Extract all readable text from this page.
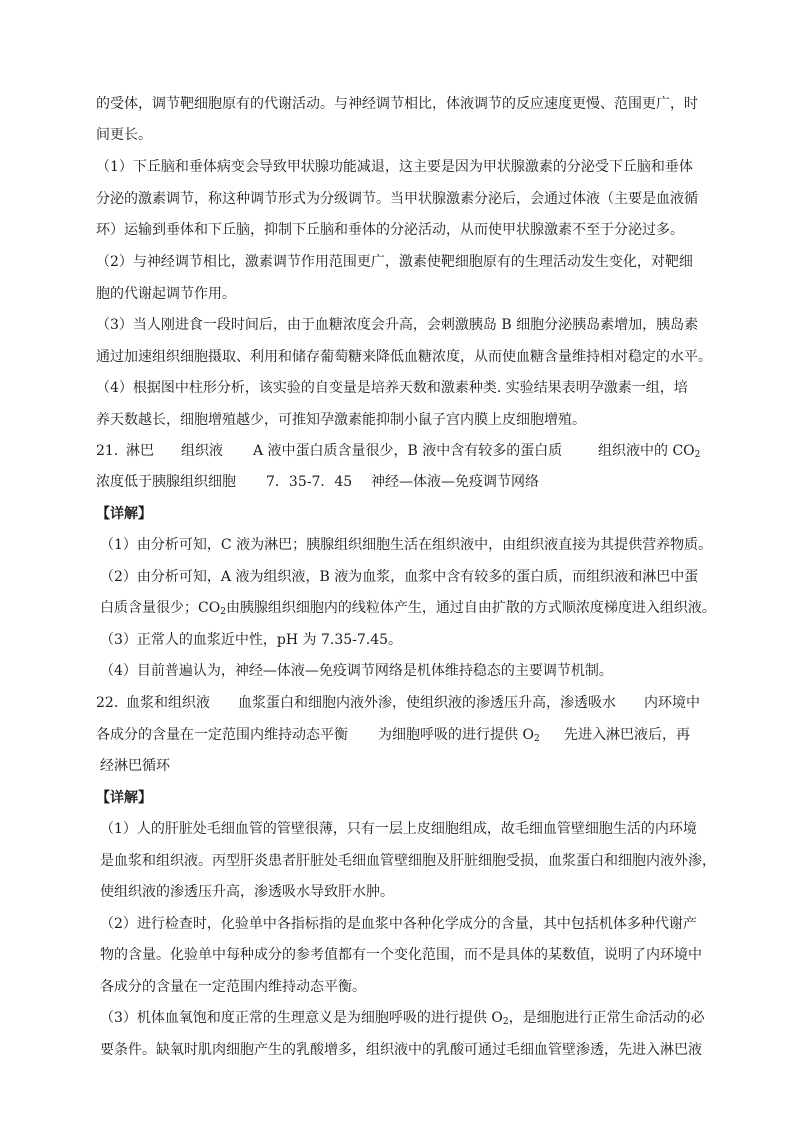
的受体，调节靶细胞原有的代谢活动。与神经调节相比，体液调节的反应速度更慢、范围更广，时
间更长。
（1）下丘脑和垂体病变会导致甲状腺功能减退，这主要是因为甲状腺激素的分泌受下丘脑和垂体
分泌的激素调节，称这种调节形式为分级调节。当甲状腺激素分泌后，会通过体液（主要是血液循
环）运输到垂体和下丘脑，抑制下丘脑和垂体的分泌活动，从而使甲状腺激素不至于分泌过多。
（2）与神经调节相比，激素调节作用范围更广，激素使靶细胞原有的生理活动发生变化，对靶细
胞的代谢起调节作用。
（3）当人刚进食一段时间后，由于血糖浓度会升高，会刺激胰岛 B 细胞分泌胰岛素增加，胰岛素
通过加速组织细胞摄取、利用和储存葡萄糖来降低血糖浓度，从而使血糖含量维持相对稳定的水平。
（4）根据图中柱形分析，该实验的自变量是培养天数和激素种类. 实验结果表明孕激素一组，培
养天数越长，细胞增殖越少，可推知孕激素能抑制小鼠子宫内膜上皮细胞增殖。
21．
淋巴 组织液 A 液中蛋白质含量很少，B 液中含有较多的蛋白质	组织液中的 $CO_2$
浓度低于胰腺组织细胞 7．35-7．45 神经—体液—免疫调节网络
【详解】
（1）由分析可知，C 液为淋巴；胰腺组织细胞生活在组织液中，由组织液直接为其提供营养物质。
（2）由分析可知，A 液为组织液，B 液为血浆，血浆中含有较多的蛋白质，而组织液和淋巴中蛋
白质含量很少；$CO_2$由胰腺组织细胞内的线粒体产生，通过自由扩散的方式顺浓度梯度进入组织液。
（3）正常人的血浆近中性，pH 为 7.35-7.45。
（4）目前普遍认为，神经—体液—免疫调节网络是机体维持稳态的主要调节机制。
22．
血浆和组织液 血浆蛋白和细胞内液外渗，使组织液的渗透压升高，渗透吸水 内环境中
各成分的含量在一定范围内维持动态平衡 为细胞呼吸的进行提供 $O_2$ 先进入淋巴液后，再
经淋巴循环
【详解】
（1）人的肝脏处毛细血管的管壁很薄，只有一层上皮细胞组成，故毛细血管壁细胞生活的内环境
是血浆和组织液。丙型肝炎患者肝脏处毛细血管壁细胞及肝脏细胞受损，血浆蛋白和细胞内液外渗，
使组织液的渗透压升高，渗透吸水导致肝水肿。
（2）进行检查时，化验单中各指标指的是血浆中各种化学成分的含量，其中包括机体多种代谢产
物的含量。化验单中每种成分的参考值都有一个变化范围，而不是具体的某数值，说明了内环境中
各成分的含量在一定范围内维持动态平衡。
（3）机体血氧饱和度正常的生理意义是为细胞呼吸的进行提供 $O_2$，是细胞进行正常生命活动的必
要条件。缺氧时肌肉细胞产生的乳酸增多，组织液中的乳酸可通过毛细血管壁渗透，先进入淋巴液
